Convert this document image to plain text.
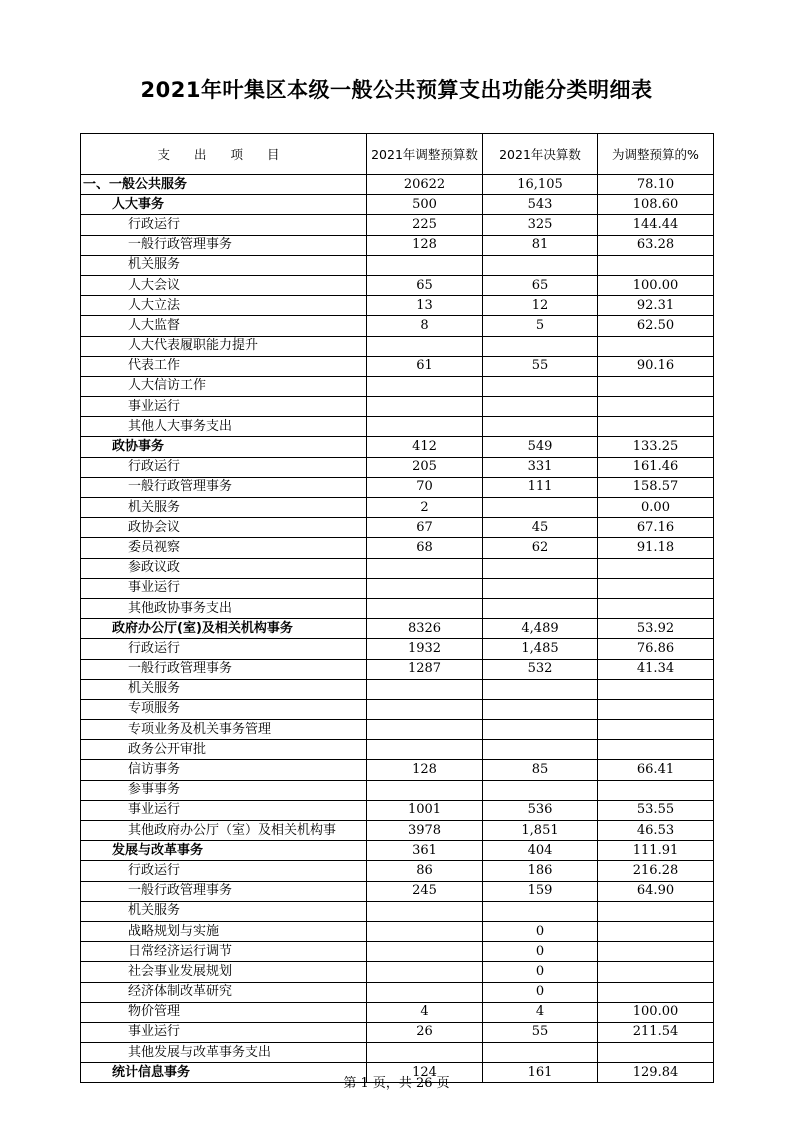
2021年叶集区本级一般公共预算支出功能分类明细表
支 出 项 目	2021年调整预算数	2021年决算数	为调整预算的%
一、一般公共服务	20622	16,105	78.10
人大事务	500	543	108.60
行政运行	225	325	144.44
一般行政管理事务	128	81	63.28
机关服务			
人大会议	65	65	100.00
人大立法	13	12	92.31
人大监督	8	5	62.50
人大代表履职能力提升			
代表工作	61	55	90.16
人大信访工作			
事业运行			
其他人大事务支出			
政协事务	412	549	133.25
行政运行	205	331	161.46
一般行政管理事务	70	111	158.57
机关服务	2		0.00
政协会议	67	45	67.16
委员视察	68	62	91.18
参政议政			
事业运行			
其他政协事务支出			
政府办公厅(室)及相关机构事务	8326	4,489	53.92
行政运行	1932	1,485	76.86
一般行政管理事务	1287	532	41.34
机关服务			
专项服务			
专项业务及机关事务管理			
政务公开审批			
信访事务	128	85	66.41
参事事务			
事业运行	1001	536	53.55
其他政府办公厅（室）及相关机构事	3978	1,851	46.53
发展与改革事务	361	404	111.91
行政运行	86	186	216.28
一般行政管理事务	245	159	64.90
机关服务			
战略规划与实施		0	
日常经济运行调节		0	
社会事业发展规划		0	
经济体制改革研究		0	
物价管理	4	4	100.00
事业运行	26	55	211.54
其他发展与改革事务支出			
统计信息事务	124	161	129.84
第 1 页，共 26 页
